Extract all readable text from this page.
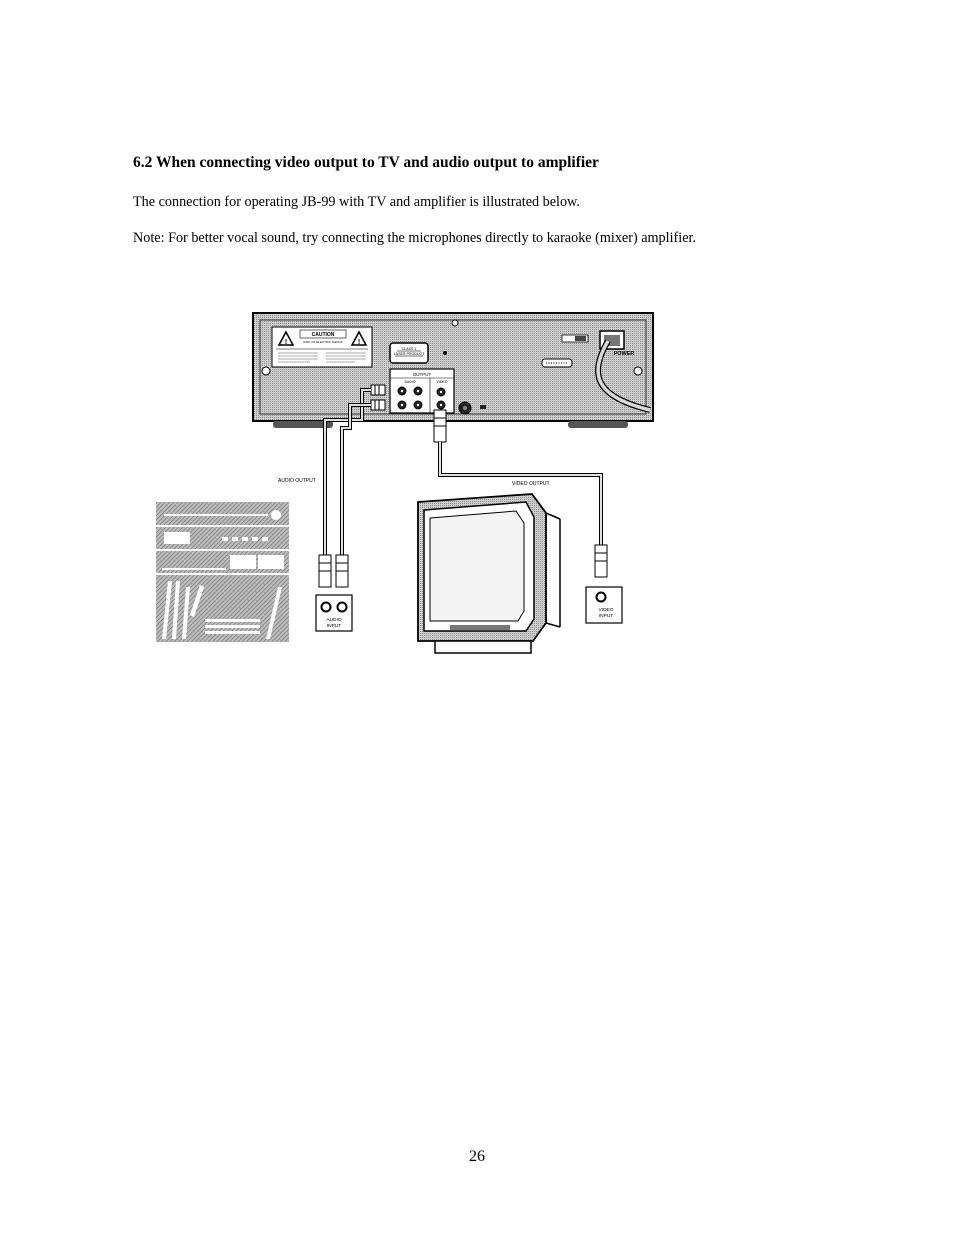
6.2 When connecting video output to TV and audio output to amplifier
The connection for operating JB-99 with TV and amplifier is illustrated below.
Note: For better vocal sound, try connecting the microphones directly to karaoke (mixer) amplifier.
!	!
CAUTION
RISK OF ELECTRIC SHOCK
CLASS 1
LASER PRODUCT	POWER
OUTPUT
AUDIO	VIDEO
AUDIO OUTPUT	VIDEO OUTPUT
AUDIO
INPUT
VIDEO
INPUT
26
